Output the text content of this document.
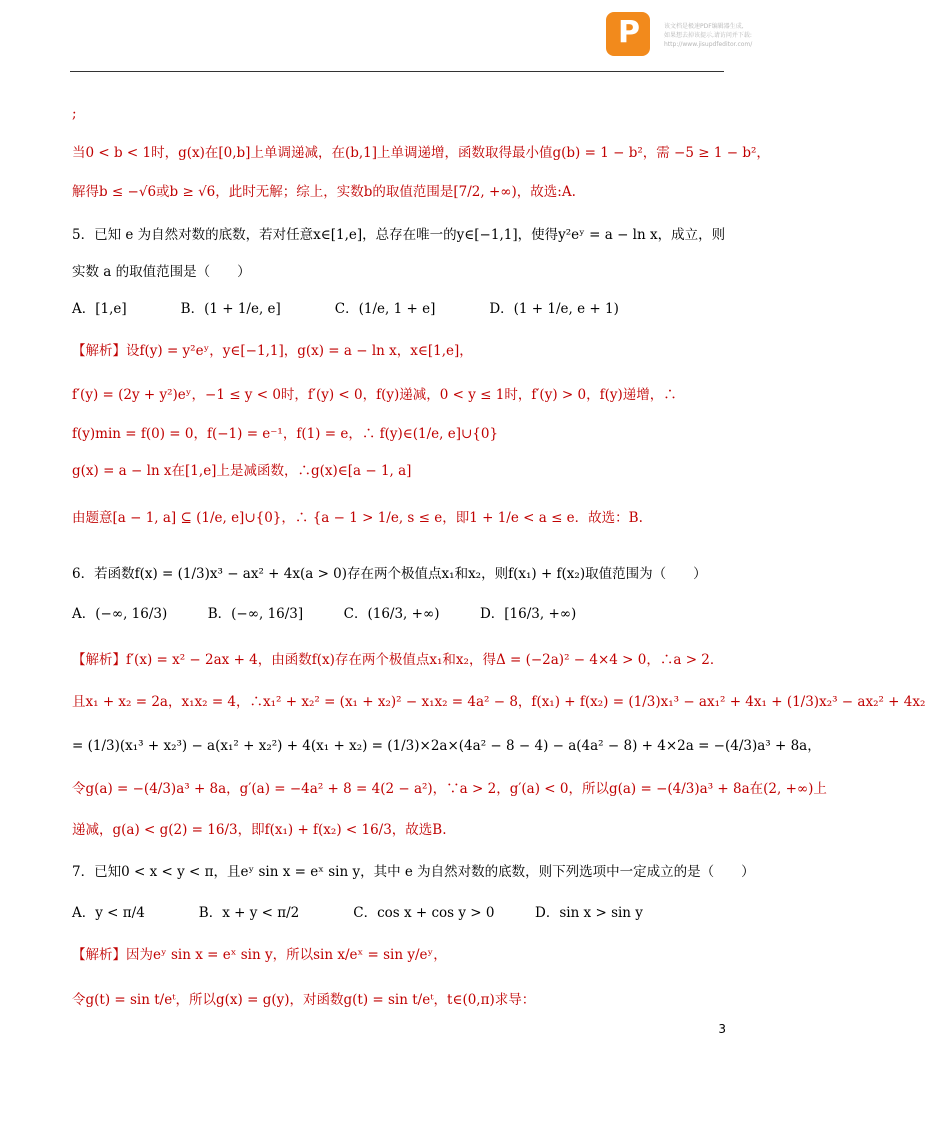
P	该文档是极速PDF编辑器生成,
如果想去掉该提示,请访问并下载:
http://www.jisupdfeditor.com/
;
当0 < b < 1时，g(x)在[0,b]上单调递减，在(b,1]上单调递增，函数取得最小值g(b) = 1 − b²，需 −5 ≥ 1 − b²，
解得b ≤ −√6或b ≥ √6，此时无解；综上，实数b的取值范围是[7/2, +∞)，故选:A.
5．已知 e 为自然对数的底数，若对任意x∈[1,e]，总存在唯一的y∈[−1,1]，使得y²eʸ = a − ln x，成立，则
实数 a 的取值范围是（　　）
A．[1,e]　　　　B．(1 + 1/e, e]　　　　C．(1/e, 1 + e]　　　　D．(1 + 1/e, e + 1)
【解析】设f(y) = y²eʸ，y∈[−1,1]，g(x) = a − ln x，x∈[1,e]，
f′(y) = (2y + y²)eʸ，−1 ≤ y < 0时，f′(y) < 0，f(y)递减，0 < y ≤ 1时，f′(y) > 0，f(y)递增，∴
f(y)min = f(0) = 0，f(−1) = e⁻¹，f(1) = e，∴ f(y)∈(1/e, e]∪{0}
g(x) = a − ln x在[1,e]上是减函数，∴g(x)∈[a − 1, a]
由题意[a − 1, a] ⊆ (1/e, e]∪{0}，∴ {a − 1 > 1/e, s ≤ e，即1 + 1/e < a ≤ e．故选：B.
6．若函数f(x) = (1/3)x³ − ax² + 4x(a > 0)存在两个极值点x₁和x₂，则f(x₁) + f(x₂)取值范围为（　　）
A．(−∞, 16/3)　　　B．(−∞, 16/3]　　　C．(16/3, +∞)　　　D．[16/3, +∞)
【解析】f′(x) = x² − 2ax + 4，由函数f(x)存在两个极值点x₁和x₂，得Δ = (−2a)² − 4×4 > 0，∴a > 2．
且x₁ + x₂ = 2a，x₁x₂ = 4，∴x₁² + x₂² = (x₁ + x₂)² − x₁x₂ = 4a² − 8，f(x₁) + f(x₂) = (1/3)x₁³ − ax₁² + 4x₁ + (1/3)x₂³ − ax₂² + 4x₂
= (1/3)(x₁³ + x₂³) − a(x₁² + x₂²) + 4(x₁ + x₂) = (1/3)×2a×(4a² − 8 − 4) − a(4a² − 8) + 4×2a = −(4/3)a³ + 8a，
令g(a) = −(4/3)a³ + 8a，g′(a) = −4a² + 8 = 4(2 − a²)，∵a > 2，g′(a) < 0，所以g(a) = −(4/3)a³ + 8a在(2, +∞)上
递减，g(a) < g(2) = 16/3，即f(x₁) + f(x₂) < 16/3，故选B.
7．已知0 < x < y < π，且eʸ sin x = eˣ sin y，其中 e 为自然对数的底数，则下列选项中一定成立的是（　　）
A．y < π/4　　　　B．x + y < π/2　　　　C．cos x + cos y > 0　　　D．sin x > sin y
【解析】因为eʸ sin x = eˣ sin y，所以sin x/eˣ = sin y/eʸ，
令g(t) = sin t/eᵗ，所以g(x) = g(y)，对函数g(t) = sin t/eᵗ，t∈(0,π)求导：
3
